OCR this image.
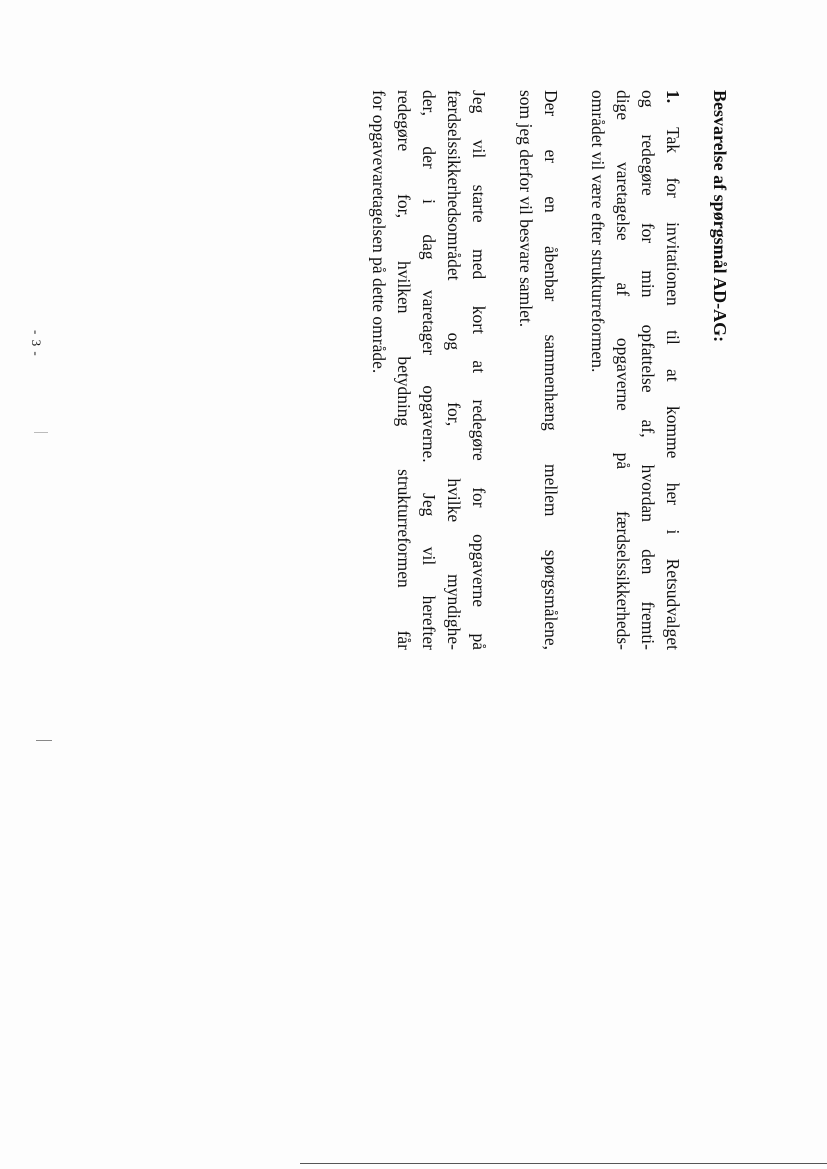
Besvarelse af spørgsmål AD-AG:
1. Tak for invitationen til at komme her i Retsudvalget
og redegøre for min opfattelse af, hvordan den fremti-
dige varetagelse af opgaverne på færdselssikkerheds-
området vil være efter strukturreformen.
Der er en åbenbar sammenhæng mellem spørgsmålene,
som jeg derfor vil besvare samlet.
Jeg vil starte med kort at redegøre for opgaverne på
færdselssikkerhedsområdet og for, hvilke myndighe-
der, der i dag varetager opgaverne. Jeg vil herefter
redegøre for, hvilken betydning strukturreformen får
for opgavevaretagelsen på dette område.
- 3 -
